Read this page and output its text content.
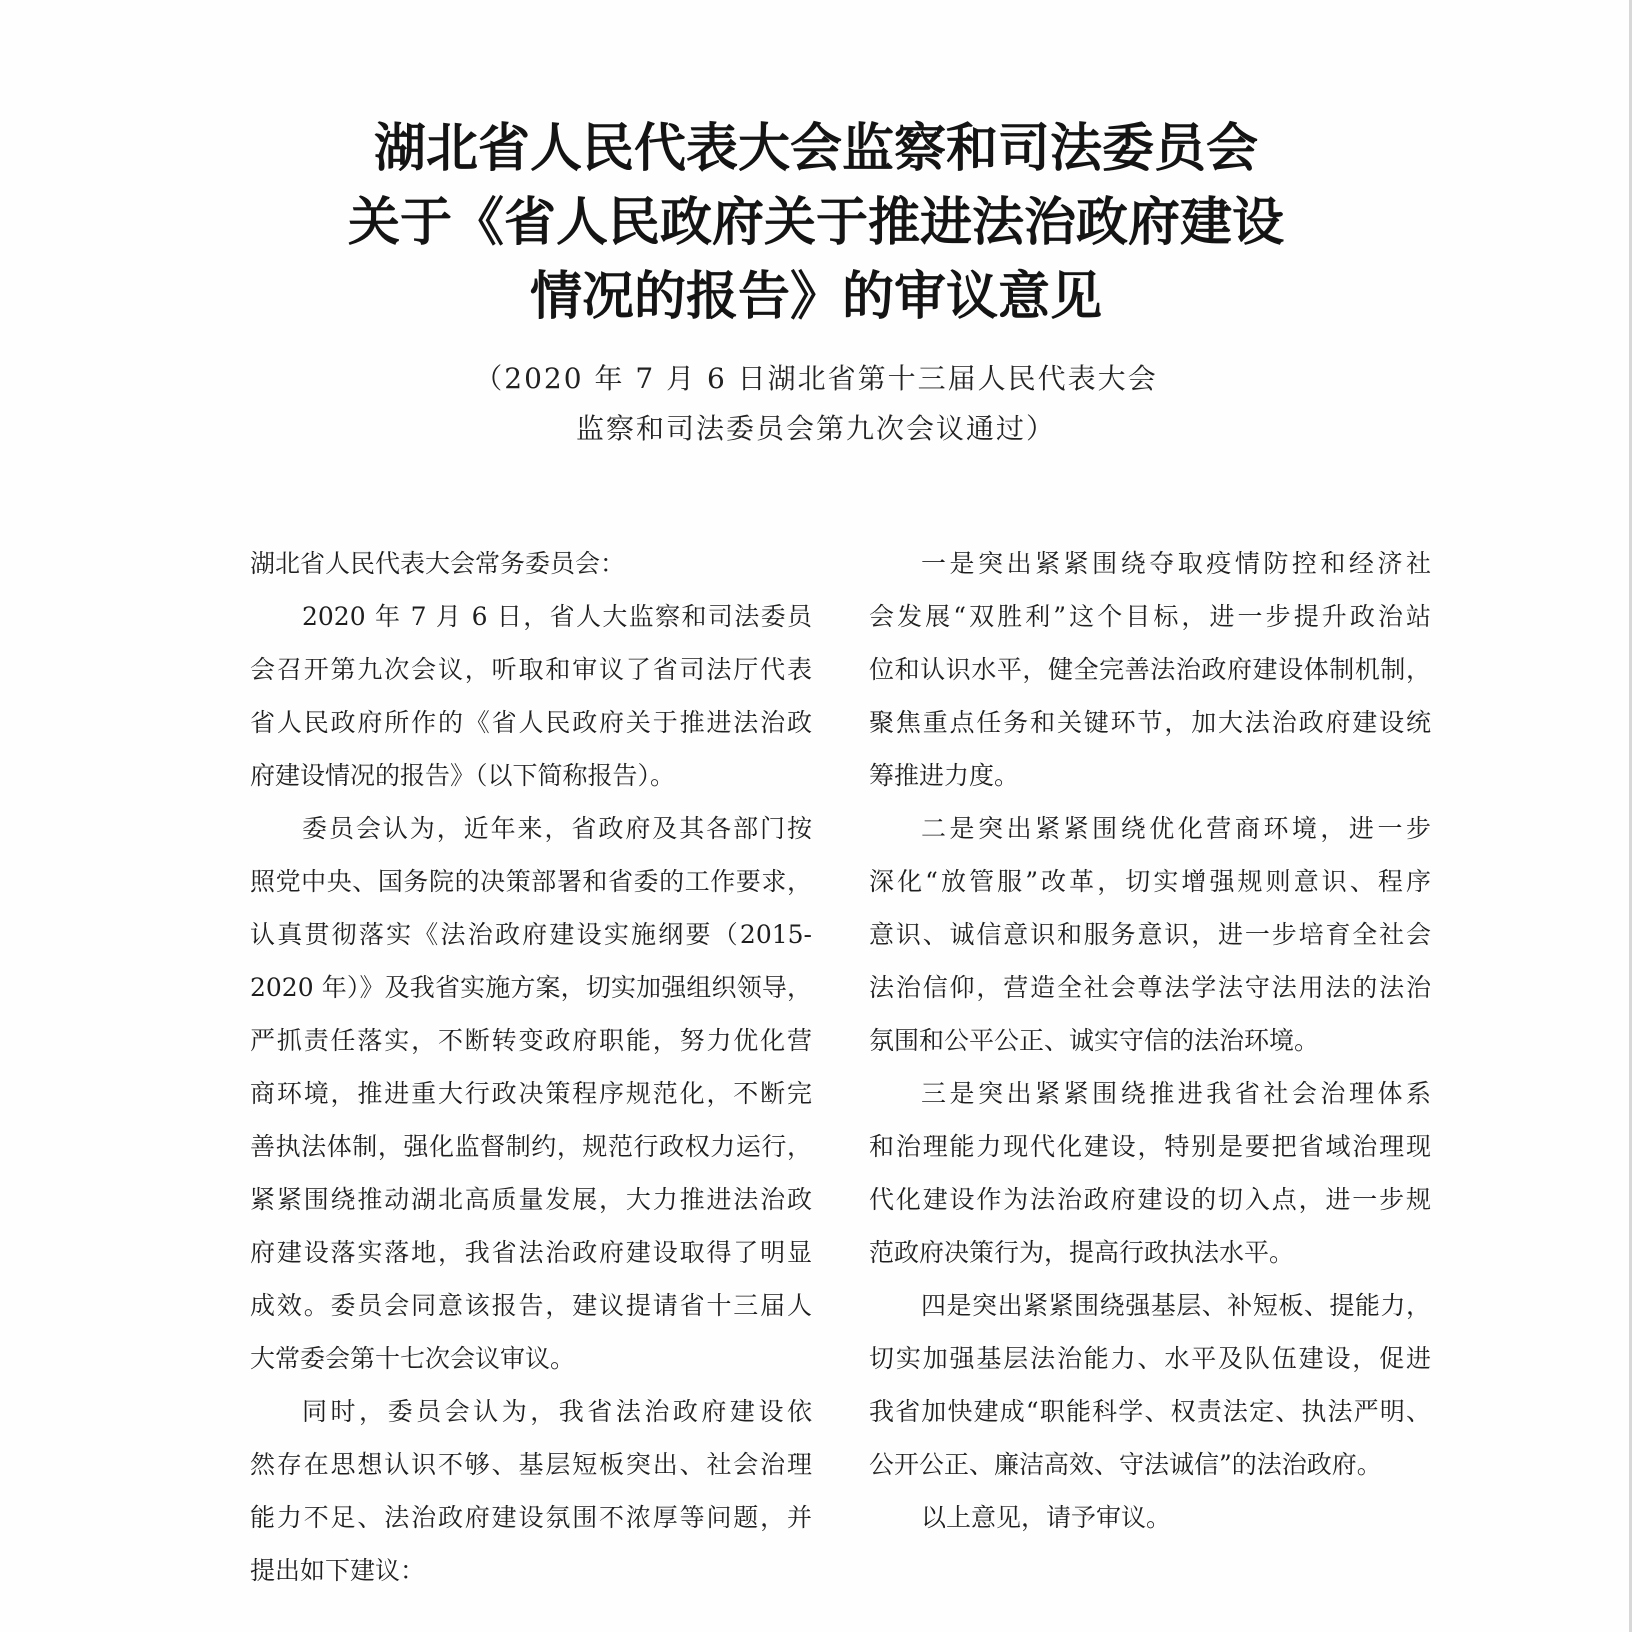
湖北省人民代表大会监察和司法委员会
关于《省人民政府关于推进法治政府建设
情况的报告》的审议意见
（2020 年 7 月 6 日湖北省第十三届人民代表大会
监察和司法委员会第九次会议通过）
湖北省人民代表大会常务委员会：
2020 年 7 月 6 日，省人大监察和司法委员
会召开第九次会议，听取和审议了省司法厅代表
省人民政府所作的《省人民政府关于推进法治政
府建设情况的报告》（以下简称报告）。
委员会认为，近年来，省政府及其各部门按
照党中央、国务院的决策部署和省委的工作要求，
认真贯彻落实《法治政府建设实施纲要（2015-
2020 年）》及我省实施方案，切实加强组织领导，
严抓责任落实，不断转变政府职能，努力优化营
商环境，推进重大行政决策程序规范化，不断完
善执法体制，强化监督制约，规范行政权力运行，
紧紧围绕推动湖北高质量发展，大力推进法治政
府建设落实落地，我省法治政府建设取得了明显
成效。委员会同意该报告，建议提请省十三届人
大常委会第十七次会议审议。
同时，委员会认为，我省法治政府建设依
然存在思想认识不够、基层短板突出、社会治理
能力不足、法治政府建设氛围不浓厚等问题，并
提出如下建议：
一是突出紧紧围绕夺取疫情防控和经济社
会发展“双胜利”这个目标，进一步提升政治站
位和认识水平，健全完善法治政府建设体制机制，
聚焦重点任务和关键环节，加大法治政府建设统
筹推进力度。
二是突出紧紧围绕优化营商环境，进一步
深化“放管服”改革，切实增强规则意识、程序
意识、诚信意识和服务意识，进一步培育全社会
法治信仰，营造全社会尊法学法守法用法的法治
氛围和公平公正、诚实守信的法治环境。
三是突出紧紧围绕推进我省社会治理体系
和治理能力现代化建设，特别是要把省域治理现
代化建设作为法治政府建设的切入点，进一步规
范政府决策行为，提高行政执法水平。
四是突出紧紧围绕强基层、补短板、提能力，
切实加强基层法治能力、水平及队伍建设，促进
我省加快建成“职能科学、权责法定、执法严明、
公开公正、廉洁高效、守法诚信”的法治政府。
以上意见，请予审议。
